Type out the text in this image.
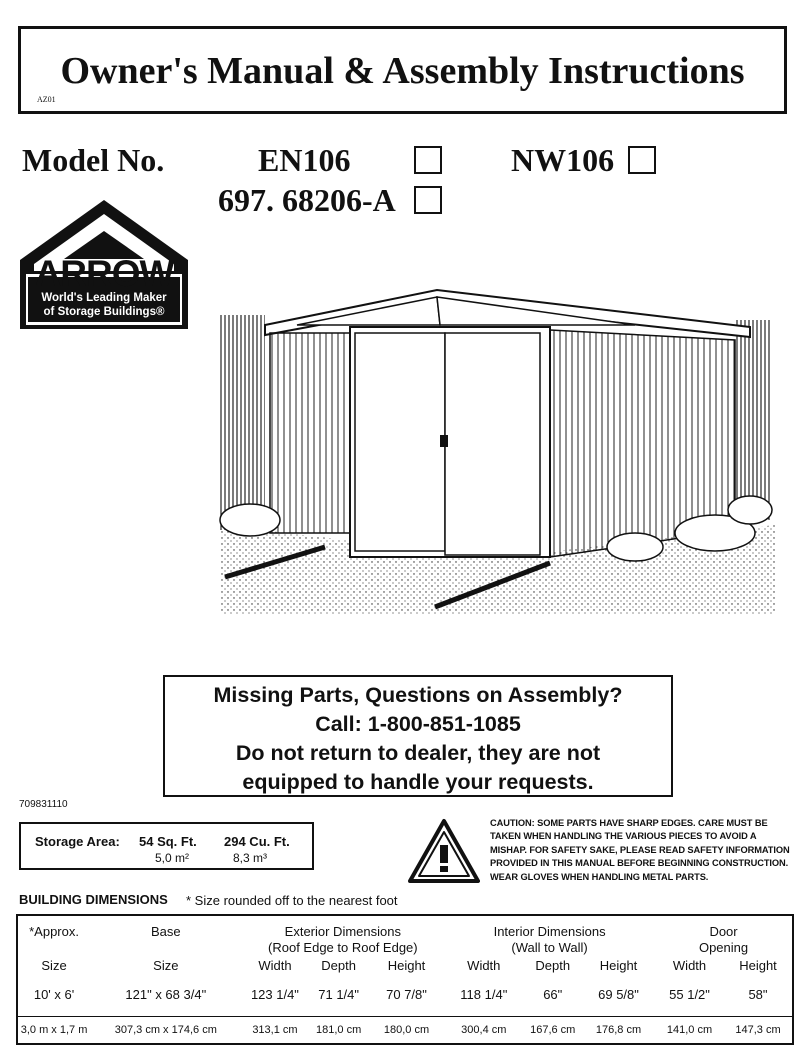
Owner's Manual & Assembly Instructions
AZ01
Model No.	EN106	NW106
697. 68206-A
ARROW
World's Leading Maker
of Storage Buildings®
Missing Parts, Questions on Assembly?
Call: 1-800-851-1085
Do not return to dealer, they are not
equipped to handle your requests.
709831110
Storage Area: 54 Sq. Ft. 294 Cu. Ft.
5,0 m²	8,3 m³
CAUTION: SOME PARTS HAVE SHARP EDGES. CARE MUST BE TAKEN WHEN HANDLING THE VARIOUS PIECES TO AVOID A MISHAP. FOR SAFETY SAKE, PLEASE READ SAFETY INFORMATION PROVIDED IN THIS MANUAL BEFORE BEGINNING CONSTRUCTION. WEAR GLOVES WHEN HANDLING METAL PARTS.
BUILDING DIMENSIONS * Size rounded off to the nearest foot
*Approx.	Base	Exterior Dimensions			Interior Dimensions			Door	
		(Roof Edge to Roof Edge)			(Wall to Wall)			Opening	
Size	Size	Width	Depth	Height	Width	Depth	Height	Width	Height
10' x 6'	121" x 68 3/4"	123 1/4"	71 1/4"	70 7/8"	118 1/4"	66"	69 5/8"	55 1/2"	58"
3,0 m x 1,7 m	307,3 cm x 174,6 cm	313,1 cm	181,0 cm	180,0 cm	300,4 cm	167,6 cm	176,8 cm	141,0 cm	147,3 cm
